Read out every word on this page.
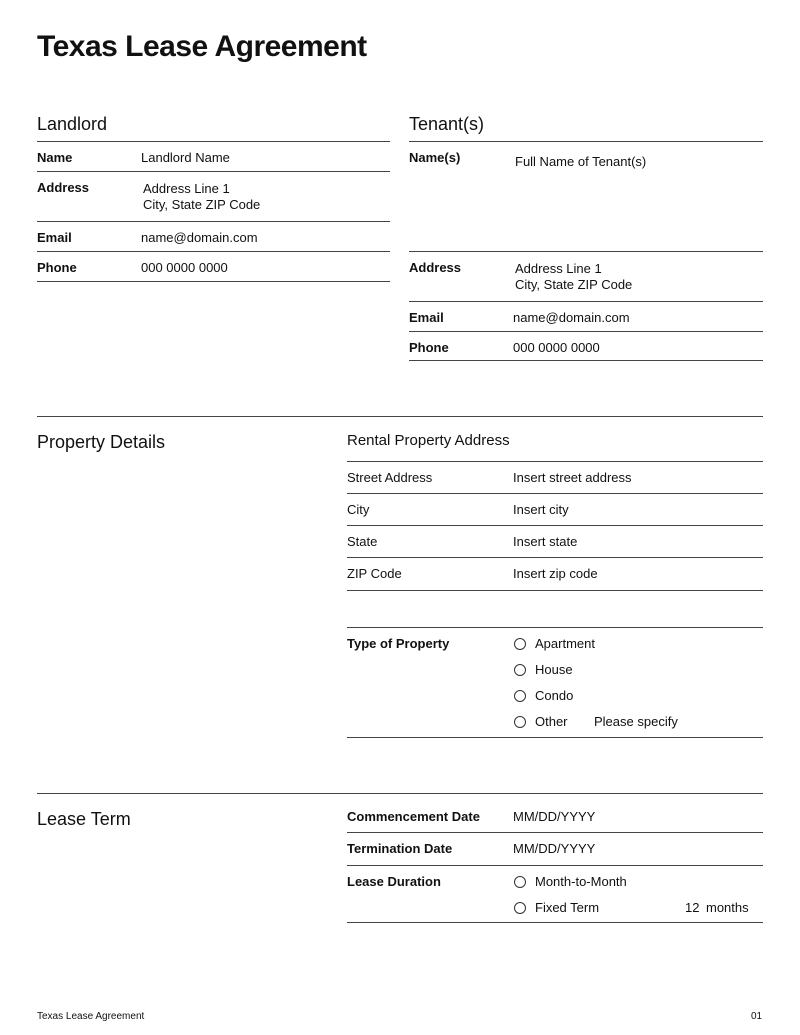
Texas Lease Agreement
Landlord
Name	Landlord Name
Address	Address Line 1
City, State ZIP Code
Email	name@domain.com
Phone	000 0000 0000
Tenant(s)
Name(s)	Full Name of Tenant(s)
Address	Address Line 1
City, State ZIP Code
Email	name@domain.com
Phone	000 0000 0000
Property Details	Rental Property Address
Street Address	Insert street address
City	Insert city
State	Insert state
ZIP Code	Insert zip code
Type of Property	Apartment
House
Condo
Other Please specify
Lease Term	Commencement Date	MM/DD/YYYY
Termination Date	MM/DD/YYYY
Lease Duration	Month-to-Month
Fixed Term	12 months
Texas Lease Agreement	01
